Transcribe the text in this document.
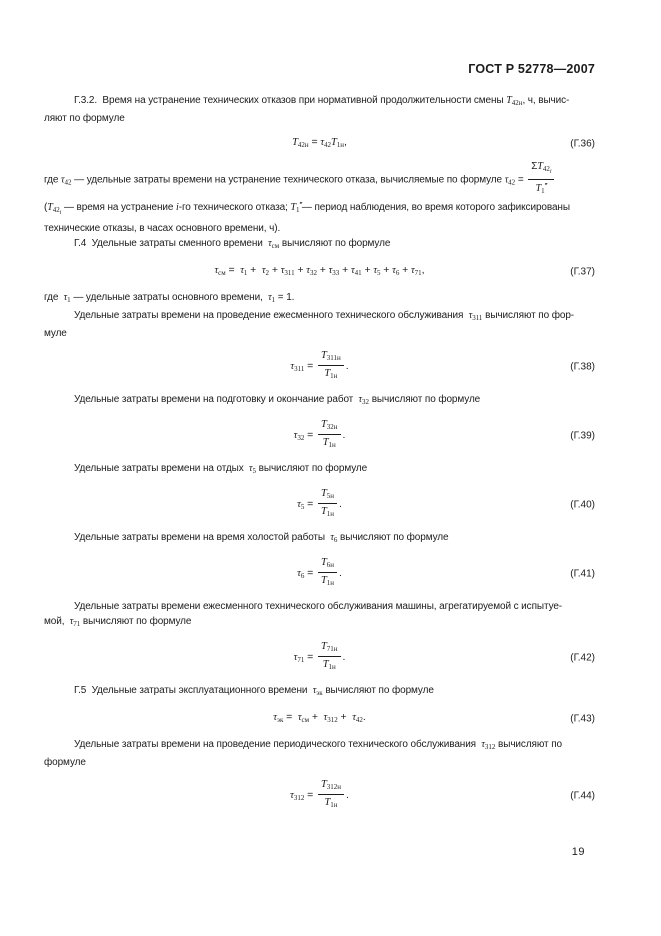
ГОСТ Р 52778—2007

Г.3.2.  Время на устранение технических отказов при нормативной продолжительности смены $T_{42н}$, ч, вычис-
ляют по формуле

T42н = τ42T1н,	(Г.36)

где $\tau_{42}$ — удельные затраты времени на устранение технического отказа, вычисляемые по формуле $\tau_{42} = \frac{\Sigma T_{42i}}{T_1'''}$

($T_{42i}$ — время на устранение i-го технического отказа; $T_1'''—$ период наблюдения, во время которого зафиксированы
технические отказы, в часах основного времени, ч).

Г.4  Удельные затраты сменного времени  $\tau_{см}$ вычисляют по формуле

τсм =  τ1 +  τ2 + τ311 + τ32 + τ33 + τ41 + τ5 + τ6 + τ71,	(Г.37)

где  $\tau_1$ — удельные затраты основного времени,  $\tau_1 = 1$.

Удельные затраты времени на проведение ежесменного технического обслуживания  $\tau_{311}$ вычисляют по фор-
муле

$\tau 311 = \frac{T311н}{T1н}$ .	(Г.38)

Удельные затраты времени на подготовку и окончание работ  $\tau_{32}$ вычисляют по формуле

$\tau 32 = \frac{T32н}{T1н}$ .	(Г.39)

Удельные затраты времени на отдых  $\tau_5$ вычисляют по формуле

$\tau 5 = \frac{T5н}{T1н}$ .	(Г.40)

Удельные затраты времени на время холостой работы  $\tau_6$ вычисляют по формуле

$\tau 6 = \frac{T6н}{T1н}$ .	(Г.41)

Удельные затраты времени ежесменного технического обслуживания машины, агрегатируемой с испытуе-
мой,  $\tau_{71}$ вычисляют по формуле

$\tau 71 = \frac{T71н}{T1н}$ .	(Г.42)

Г.5  Удельные затраты эксплуатационного времени  $\tau_{эк}$ вычисляют по формуле

τэк =  τсм +  τ312 +  τ42.	(Г.43)

Удельные затраты времени на проведение периодического технического обслуживания  $\tau_{312}$ вычисляют по
формуле

$\tau 312 = \frac{T312н}{T1н}$ .	(Г.44)
19
